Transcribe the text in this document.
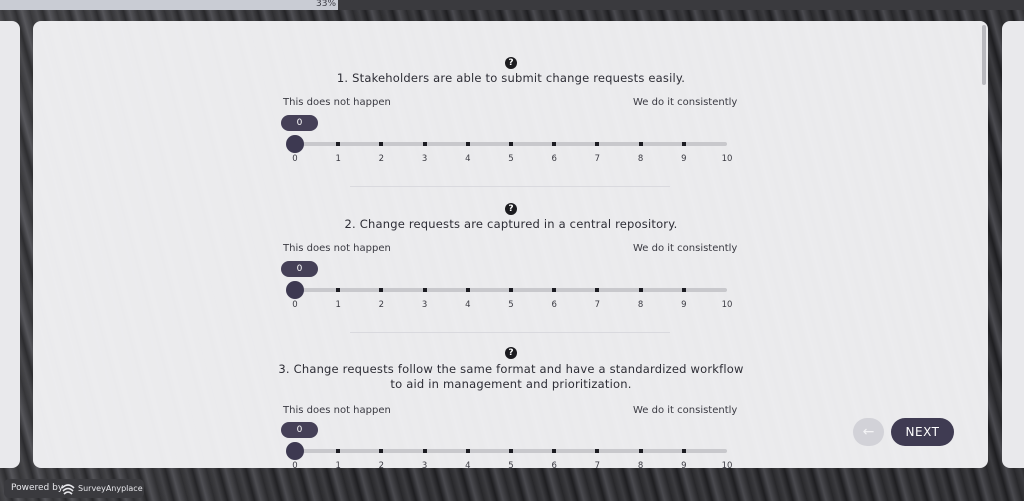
33%
?
1. Stakeholders are able to submit change requests easily.
This does not happen	We do it consistently
0
0	1	2	3	4	5	6	7	8	9	10
?
2. Change requests are captured in a central repository.
This does not happen	We do it consistently
0
0	1	2	3	4	5	6	7	8	9	10
?
3. Change requests follow the same format and have a standardized workflow to aid in management and prioritization.
This does not happen	We do it consistently
0
0	1	2	3	4	5	6	7	8	9	10
←	NEXT
Powered by SurveyAnyplace
